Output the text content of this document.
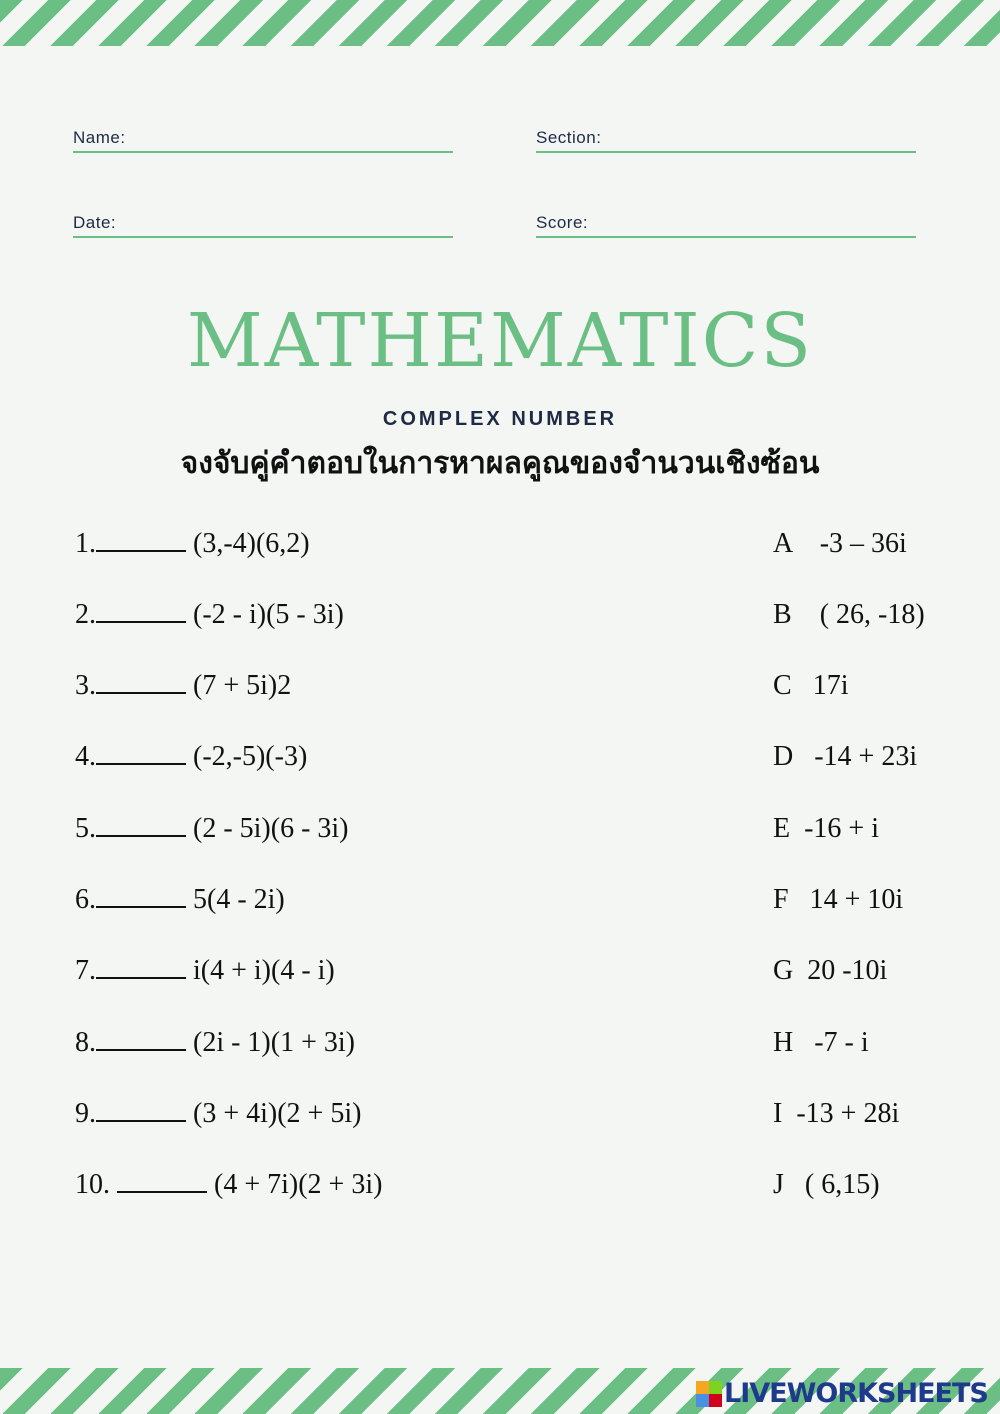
Name:	Section:
Date:	Score:
MATHEMATICS
COMPLEX NUMBER
จงจับคู่คำตอบในการหาผลคูณของจำนวนเชิงซ้อน
1.	(3,-4)(6,2)
2.	(-2 - i)(5 - 3i)
3.	(7 + 5i)2
4.	(-2,-5)(-3)
5.	(2 - 5i)(6 - 3i)
6.	5(4 - 2i)
7.	i(4 + i)(4 - i)
8.	(2i - 1)(1 + 3i)
9.	(3 + 4i)(2 + 5i)
10.	(4 + 7i)(2 + 3i)
A -3 – 36i
B ( 26, -18)
C 17i
D -14 + 23i
E -16 + i
F 14 + 10i
G 20 -10i
H -7 - i
I -13 + 28i
J ( 6,15)
LIVEWORKSHEETS
